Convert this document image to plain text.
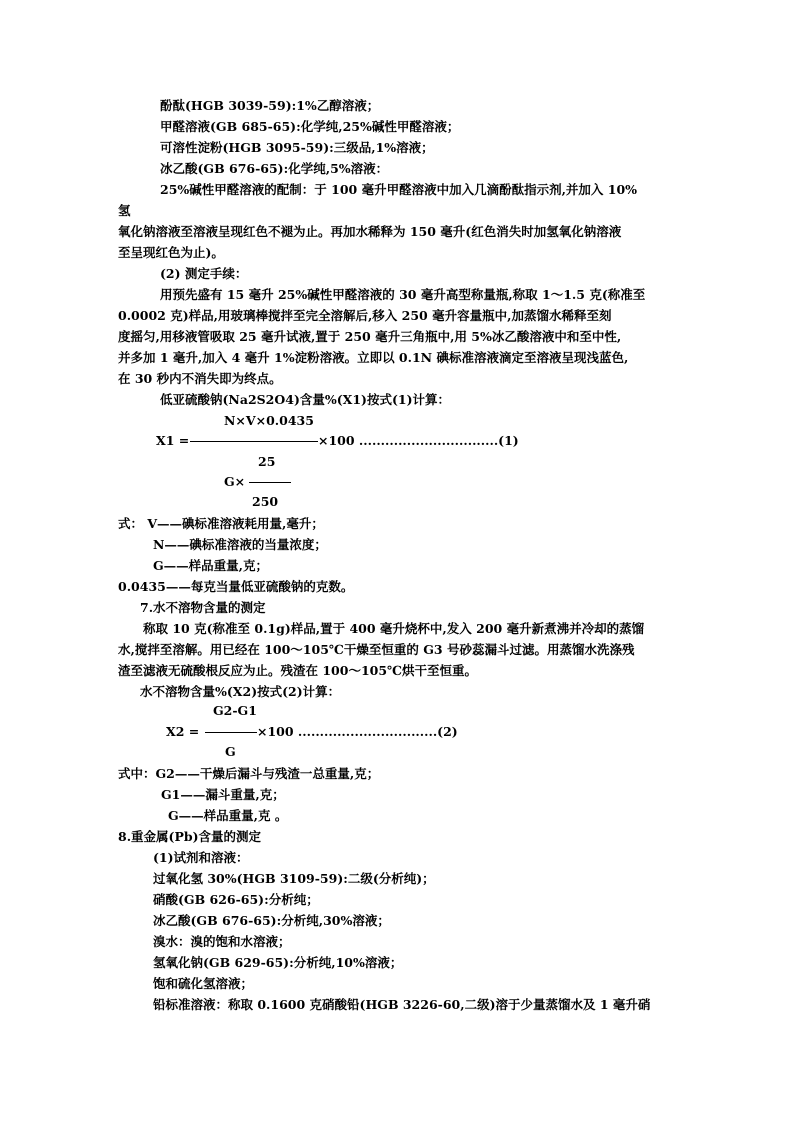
酚酞(HGB 3039-59):1%乙醇溶液；
甲醛溶液(GB 685-65):化学纯,25%碱性甲醛溶液；
可溶性淀粉(HGB 3095-59):三级品,1%溶液；
冰乙酸(GB 676-65):化学纯,5%溶液：
25%碱性甲醛溶液的配制：于 100 毫升甲醛溶液中加入几滴酚酞指示剂,并加入 10%
氢
氧化钠溶液至溶液呈现红色不褪为止。再加水稀释为 150 毫升(红色消失时加氢氧化钠溶液
至呈现红色为止)。
(2) 测定手续：
用预先盛有 15 毫升 25%碱性甲醛溶液的 30 毫升高型称量瓶,称取 1～1.5 克(称准至
0.0002 克)样品,用玻璃棒搅拌至完全溶解后,移入 250 毫升容量瓶中,加蒸馏水稀释至刻
度摇匀,用移液管吸取 25 毫升试液,置于 250 毫升三角瓶中,用 5%冰乙酸溶液中和至中性,
并多加 1 毫升,加入 4 毫升 1%淀粉溶液。立即以 0.1N 碘标准溶液滴定至溶液呈现浅蓝色,
在 30 秒内不消失即为终点。
低亚硫酸钠(Na2S2O4)含量%(X1)按式(1)计算：
N×V×0.0435
X1 =	×100 ................................(1)
25
G×
250
式： V——碘标准溶液耗用量,毫升；
N——碘标准溶液的当量浓度；
G——样品重量,克；
0.0435——每克当量低亚硫酸钠的克数。
7.水不溶物含量的测定
称取 10 克(称准至 0.1g)样品,置于 400 毫升烧杯中,发入 200 毫升新煮沸并冷却的蒸馏
水,搅拌至溶解。用已经在 100～105℃干燥至恒重的 G3 号砂蕊漏斗过滤。用蒸馏水洗涤残
渣至滤液无硫酸根反应为止。残渣在 100～105℃烘干至恒重。
水不溶物含量%(X2)按式(2)计算：
G2-G1
X2 =	×100 ................................(2)
G
式中：G2——干燥后漏斗与残渣一总重量,克；
G1——漏斗重量,克；
G——样品重量,克 。
8.重金属(Pb)含量的测定
(1)试剂和溶液：
过氧化氢 30%(HGB 3109-59):二级(分析纯)；
硝酸(GB 626-65):分析纯；
冰乙酸(GB 676-65):分析纯,30%溶液；
溴水：溴的饱和水溶液；
氢氧化钠(GB 629-65):分析纯,10%溶液；
饱和硫化氢溶液；
铅标准溶液：称取 0.1600 克硝酸铅(HGB 3226-60,二级)溶于少量蒸馏水及 1 毫升硝
